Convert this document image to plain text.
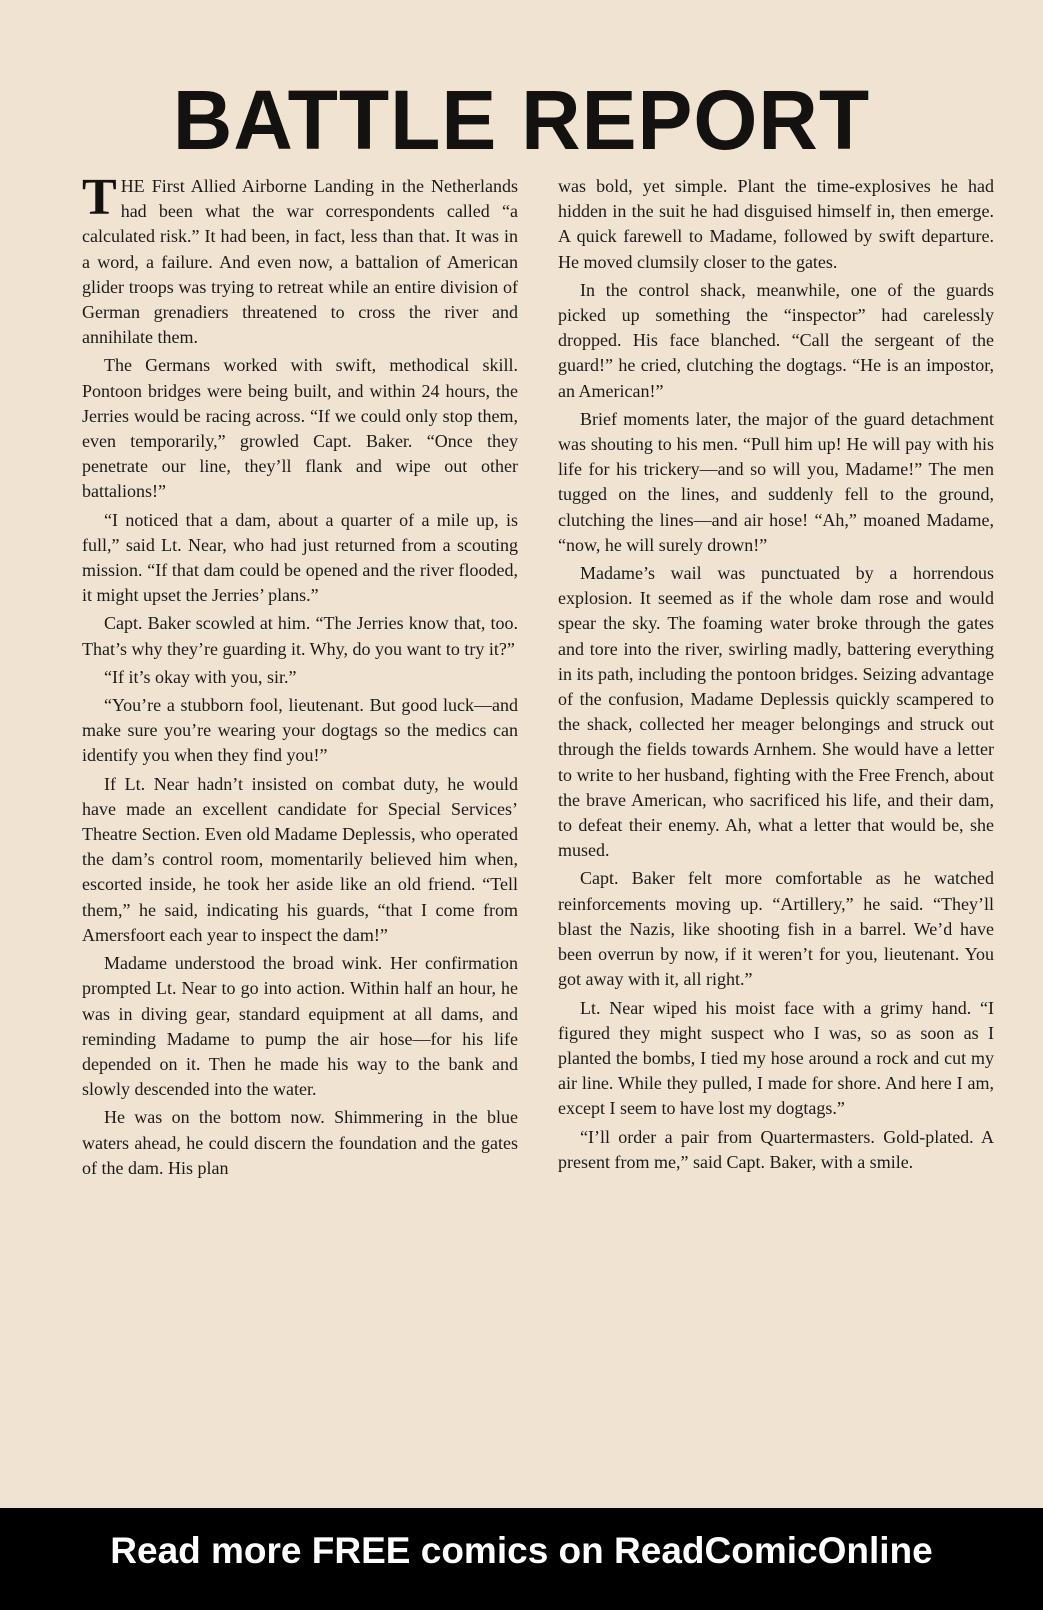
BATTLE REPORT

THE First Allied Airborne Landing in the Netherlands had been what the war correspondents called “a calculated risk.” It had been, in fact, less than that. It was in a word, a failure. And even now, a battalion of American glider troops was trying to retreat while an entire division of German grenadiers threatened to cross the river and annihilate them.

The Germans worked with swift, methodical skill. Pontoon bridges were being built, and within 24 hours, the Jerries would be racing across. “If we could only stop them, even temporarily,” growled Capt. Baker. “Once they penetrate our line, they’ll flank and wipe out other battalions!”

“I noticed that a dam, about a quarter of a mile up, is full,” said Lt. Near, who had just returned from a scouting mission. “If that dam could be opened and the river flooded, it might upset the Jerries’ plans.”

Capt. Baker scowled at him. “The Jerries know that, too. That’s why they’re guarding it. Why, do you want to try it?”

“If it’s okay with you, sir.”

“You’re a stubborn fool, lieutenant. But good luck—and make sure you’re wearing your dogtags so the medics can identify you when they find you!”

If Lt. Near hadn’t insisted on combat duty, he would have made an excellent candidate for Special Services’ Theatre Section. Even old Madame Deplessis, who operated the dam’s control room, momentarily believed him when, escorted inside, he took her aside like an old friend. “Tell them,” he said, indicating his guards, “that I come from Amersfoort each year to inspect the dam!”

Madame understood the broad wink. Her confirmation prompted Lt. Near to go into action. Within half an hour, he was in diving gear, standard equipment at all dams, and reminding Madame to pump the air hose—for his life depended on it. Then he made his way to the bank and slowly descended into the water.

He was on the bottom now. Shimmering in the blue waters ahead, he could discern the foundation and the gates of the dam. His plan

was bold, yet simple. Plant the time-explosives he had hidden in the suit he had disguised himself in, then emerge. A quick farewell to Madame, followed by swift departure. He moved clumsily closer to the gates.

In the control shack, meanwhile, one of the guards picked up something the “inspector” had carelessly dropped. His face blanched. “Call the sergeant of the guard!” he cried, clutching the dogtags. “He is an impostor, an American!”

Brief moments later, the major of the guard detachment was shouting to his men. “Pull him up! He will pay with his life for his trickery—and so will you, Madame!” The men tugged on the lines, and suddenly fell to the ground, clutching the lines—and air hose! “Ah,” moaned Madame, “now, he will surely drown!”

Madame’s wail was punctuated by a horrendous explosion. It seemed as if the whole dam rose and would spear the sky. The foaming water broke through the gates and tore into the river, swirling madly, battering everything in its path, including the pontoon bridges. Seizing advantage of the confusion, Madame Deplessis quickly scampered to the shack, collected her meager belongings and struck out through the fields towards Arnhem. She would have a letter to write to her husband, fighting with the Free French, about the brave American, who sacrificed his life, and their dam, to defeat their enemy. Ah, what a letter that would be, she mused.

Capt. Baker felt more comfortable as he watched reinforcements moving up. “Artillery,” he said. “They’ll blast the Nazis, like shooting fish in a barrel. We’d have been overrun by now, if it weren’t for you, lieutenant. You got away with it, all right.”

Lt. Near wiped his moist face with a grimy hand. “I figured they might suspect who I was, so as soon as I planted the bombs, I tied my hose around a rock and cut my air line. While they pulled, I made for shore. And here I am, except I seem to have lost my dogtags.”

“I’ll order a pair from Quartermasters. Gold-plated. A present from me,” said Capt. Baker, with a smile.

Read more FREE comics on ReadComicOnline
